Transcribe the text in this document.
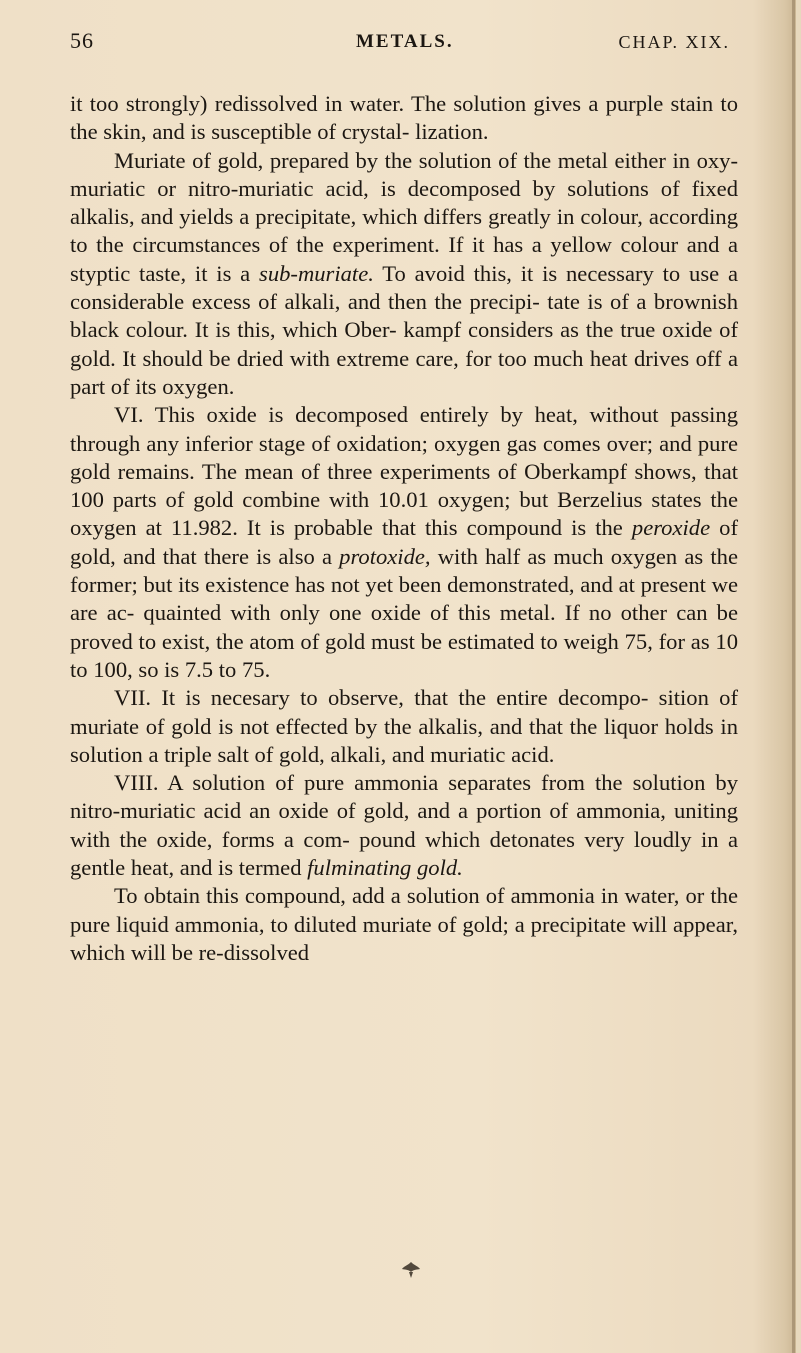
56	METALS.	CHAP. XIX.

it too strongly) redissolved in water. The solution gives a purple stain to the skin, and is susceptible of crystal- lization.

Muriate of gold, prepared by the solution of the metal either in oxy-muriatic or nitro-muriatic acid, is decomposed by solutions of fixed alkalis, and yields a precipitate, which differs greatly in colour, according to the circumstances of the experiment. If it has a yellow colour and a styptic taste, it is a sub-muriate. To avoid this, it is necessary to use a considerable excess of alkali, and then the precipi- tate is of a brownish black colour. It is this, which Ober- kampf considers as the true oxide of gold. It should be dried with extreme care, for too much heat drives off a part of its oxygen.

VI. This oxide is decomposed entirely by heat, without passing through any inferior stage of oxidation; oxygen gas comes over; and pure gold remains. The mean of three experiments of Oberkampf shows, that 100 parts of gold combine with 10.01 oxygen; but Berzelius states the oxygen at 11.982. It is probable that this compound is the peroxide of gold, and that there is also a protoxide, with half as much oxygen as the former; but its existence has not yet been demonstrated, and at present we are ac- quainted with only one oxide of this metal. If no other can be proved to exist, the atom of gold must be estimated to weigh 75, for as 10 to 100, so is 7.5 to 75.

VII. It is necesary to observe, that the entire decompo- sition of muriate of gold is not effected by the alkalis, and that the liquor holds in solution a triple salt of gold, alkali, and muriatic acid.

VIII. A solution of pure ammonia separates from the solution by nitro-muriatic acid an oxide of gold, and a portion of ammonia, uniting with the oxide, forms a com- pound which detonates very loudly in a gentle heat, and is termed fulminating gold.

To obtain this compound, add a solution of ammonia in water, or the pure liquid ammonia, to diluted muriate of gold; a precipitate will appear, which will be re-dissolved
